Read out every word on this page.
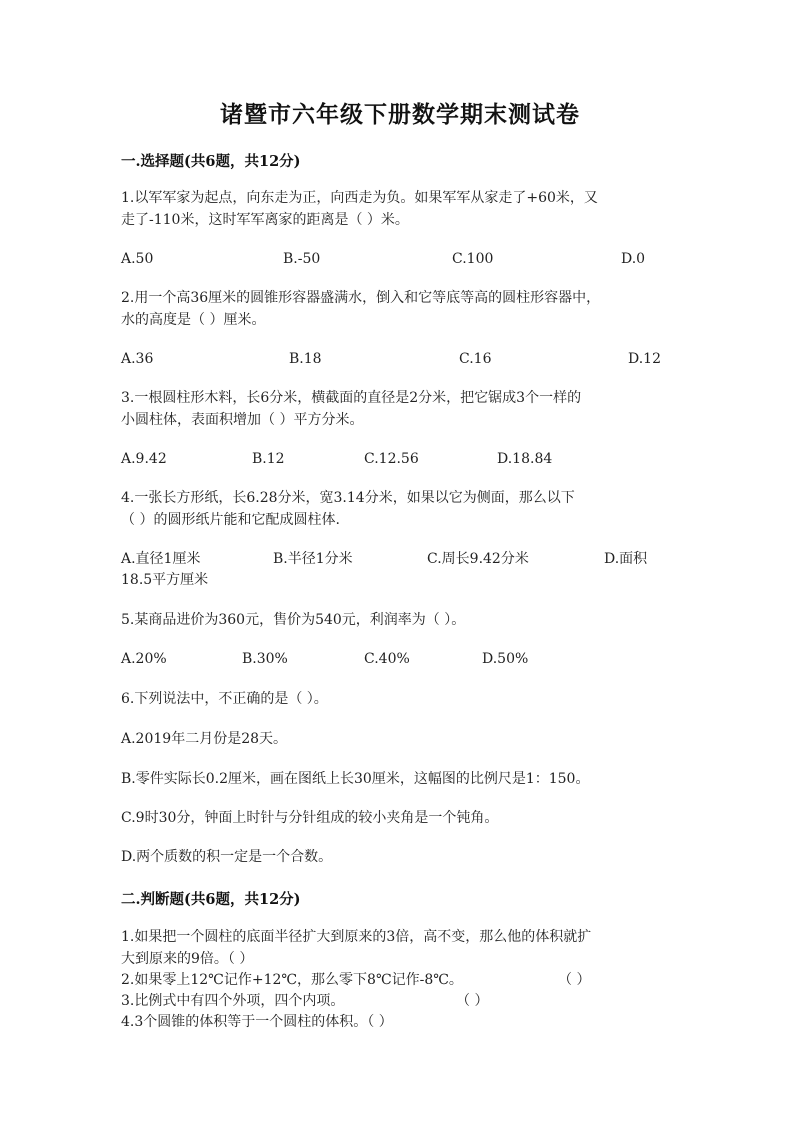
诸暨市六年级下册数学期末测试卷
一.选择题(共6题，共12分)
1.以军军家为起点，向东走为正，向西走为负。如果军军从家走了+60米，又
走了-110米，这时军军离家的距离是（ ）米。
A.50	B.-50	C.100	D.0
2.用一个高36厘米的圆锥形容器盛满水，倒入和它等底等高的圆柱形容器中，
水的高度是（ ）厘米。
A.36	B.18	C.16	D.12
3.一根圆柱形木料，长6分米，横截面的直径是2分米，把它锯成3个一样的
小圆柱体，表面积增加（ ）平方分米。
A.9.42	B.12	C.12.56	D.18.84
4.一张长方形纸，长6.28分米，宽3.14分米，如果以它为侧面，那么以下
（ ）的圆形纸片能和它配成圆柱体.
A.直径1厘米	B.半径1分米	C.周长9.42分米	D.面积
18.5平方厘米
5.某商品进价为360元，售价为540元，利润率为（ ）。
A.20%	B.30%	C.40%	D.50%
6.下列说法中，不正确的是（ ）。
A.2019年二月份是28天。
B.零件实际长0.2厘米，画在图纸上长30厘米，这幅图的比例尺是1：150。
C.9时30分，钟面上时针与分针组成的较小夹角是一个钝角。
D.两个质数的积一定是一个合数。
二.判断题(共6题，共12分)
1.如果把一个圆柱的底面半径扩大到原来的3倍，高不变，那么他的体积就扩
大到原来的9倍。（ ）
2.如果零上12℃记作+12℃，那么零下8℃记作-8℃。	（ ）
3.比例式中有四个外项，四个内项。	（ ）
4.3个圆锥的体积等于一个圆柱的体积。（ ）
